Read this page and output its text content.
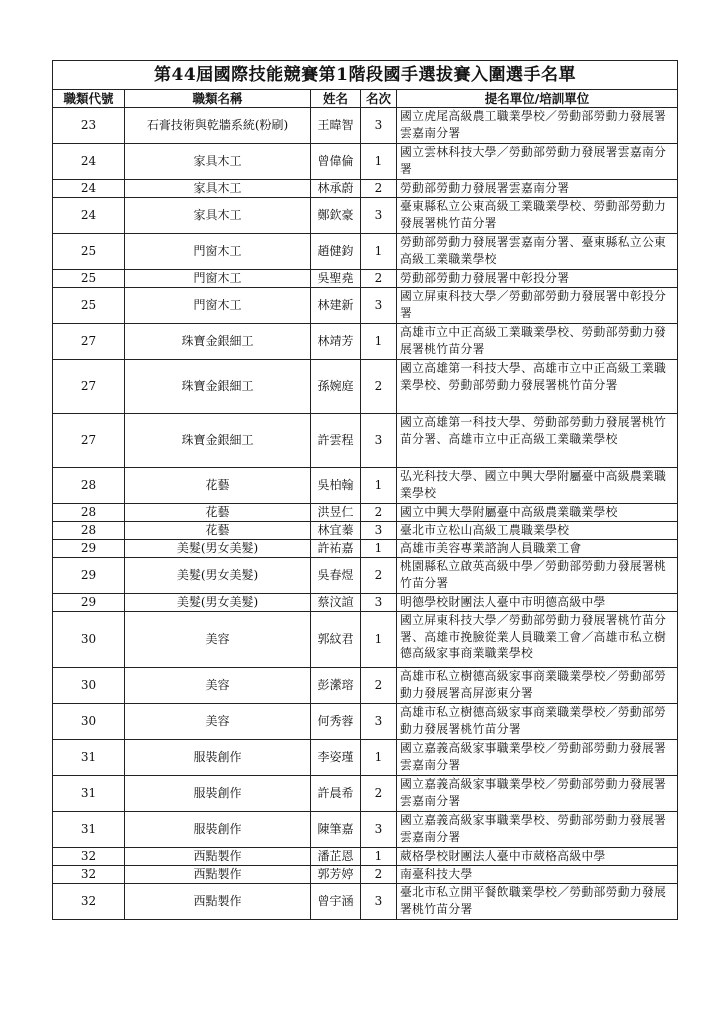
第44屆國際技能競賽第1階段國手選拔賽入圍選手名單				
職類代號	職類名稱	姓名	名次	提名單位/培訓單位
23	石膏技術與乾牆系統(粉刷)	王暐智	3	國立虎尾高級農工職業學校／勞動部勞動力發展署雲嘉南分署
24	家具木工	曾偉倫	1	國立雲林科技大學／勞動部勞動力發展署雲嘉南分署
24	家具木工	林承蔚	2	勞動部勞動力發展署雲嘉南分署
24	家具木工	鄭欽豪	3	臺東縣私立公東高級工業職業學校、勞動部勞動力發展署桃竹苗分署
25	門窗木工	趙健鈞	1	勞動部勞動力發展署雲嘉南分署、臺東縣私立公東高級工業職業學校
25	門窗木工	吳聖堯	2	勞動部勞動力發展署中彰投分署
25	門窗木工	林建新	3	國立屏東科技大學／勞動部勞動力發展署中彰投分署
27	珠寶金銀細工	林靖芳	1	高雄市立中正高級工業職業學校、勞動部勞動力發展署桃竹苗分署
27	珠寶金銀細工	孫婉庭	2	國立高雄第一科技大學、高雄市立中正高級工業職業學校、勞動部勞動力發展署桃竹苗分署
27	珠寶金銀細工	許雲程	3	國立高雄第一科技大學、勞動部勞動力發展署桃竹苗分署、高雄市立中正高級工業職業學校
28	花藝	吳柏翰	1	弘光科技大學、國立中興大學附屬臺中高級農業職業學校
28	花藝	洪昱仁	2	國立中興大學附屬臺中高級農業職業學校
28	花藝	林宜蓁	3	臺北市立松山高級工農職業學校
29	美髮(男女美髮)	許祐嘉	1	高雄市美容專業諮詢人員職業工會
29	美髮(男女美髮)	吳春煜	2	桃園縣私立啟英高級中學／勞動部勞動力發展署桃竹苗分署
29	美髮(男女美髮)	蔡汶諠	3	明德學校財團法人臺中市明德高級中學
30	美容	郭紋君	1	國立屏東科技大學／勞動部勞動力發展署桃竹苗分署、高雄市挽臉從業人員職業工會／高雄市私立樹德高級家事商業職業學校
30	美容	彭瀠瑢	2	高雄市私立樹德高級家事商業職業學校／勞動部勞動力發展署高屏澎東分署
30	美容	何秀蓉	3	高雄市私立樹德高級家事商業職業學校／勞動部勞動力發展署桃竹苗分署
31	服裝創作	李姿瑾	1	國立嘉義高級家事職業學校／勞動部勞動力發展署雲嘉南分署
31	服裝創作	許晨希	2	國立嘉義高級家事職業學校／勞動部勞動力發展署雲嘉南分署
31	服裝創作	陳筆嘉	3	國立嘉義高級家事職業學校、勞動部勞動力發展署雲嘉南分署
32	西點製作	潘芷恩	1	葳格學校財團法人臺中市葳格高級中學
32	西點製作	郭芳婷	2	南臺科技大學
32	西點製作	曾宇涵	3	臺北市私立開平餐飲職業學校／勞動部勞動力發展署桃竹苗分署
